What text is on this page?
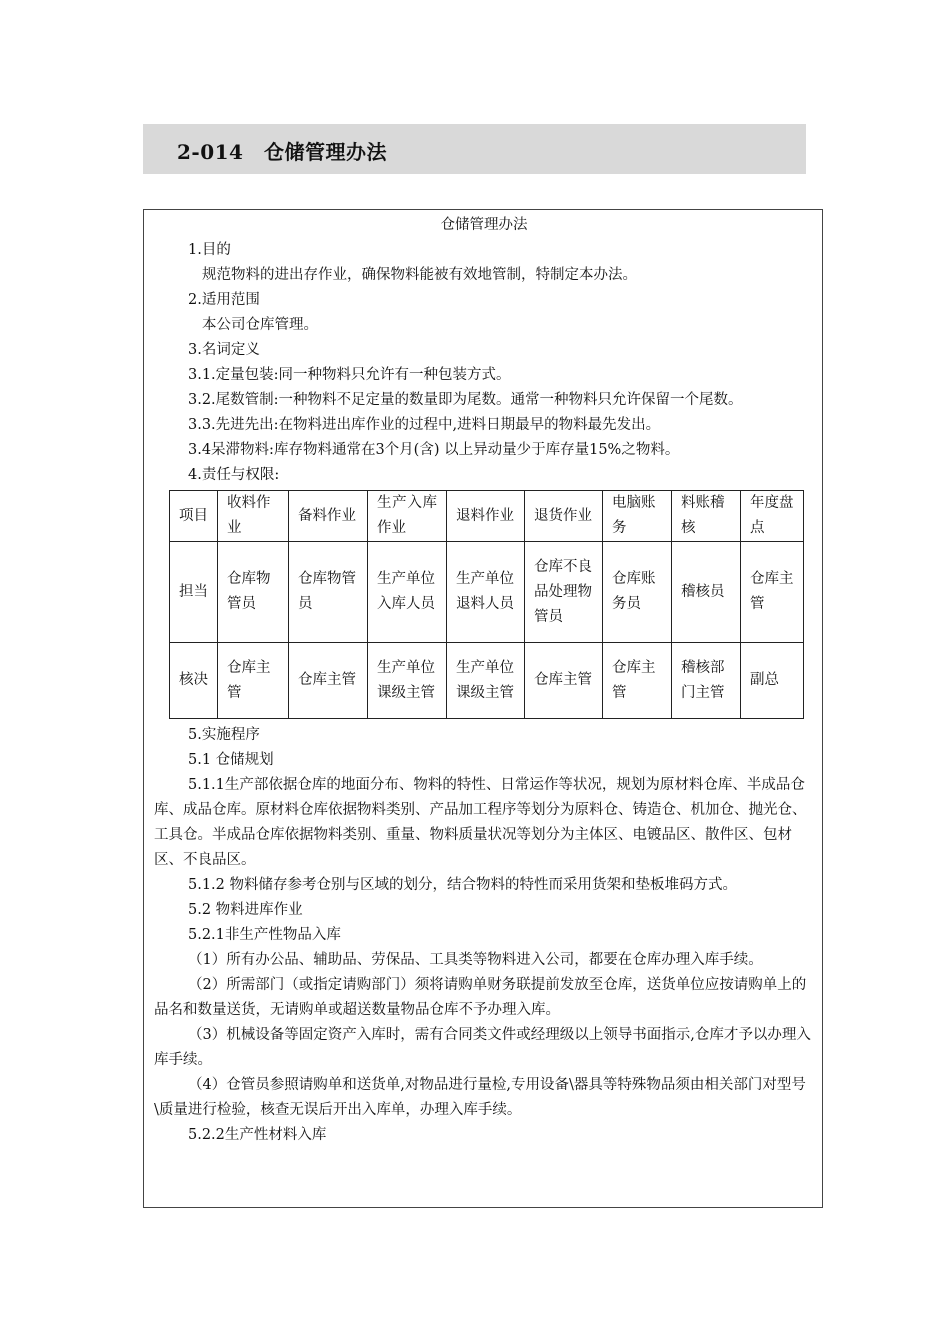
2-014　仓储管理办法
仓储管理办法

1.目的

规范物料的进出存作业，确保物料能被有效地管制，特制定本办法。

2.适用范围

本公司仓库管理。

3.名词定义

3.1.定量包装:同一种物料只允许有一种包装方式。

3.2.尾数管制:一种物料不足定量的数量即为尾数。通常一种物料只允许保留一个尾数。

3.3.先进先出:在物料进出库作业的过程中,进料日期最早的物料最先发出。

3.4呆滞物料:库存物料通常在3个月(含) 以上异动量少于库存量15%之物料。

4.责任与权限:

项目	收料作业	备料作业	生产入库作业	退料作业	退货作业	电脑账务	料账稽核	年度盘点
担当	仓库物管员	仓库物管员	生产单位入库人员	生产单位退料人员	仓库不良品处理物管员	仓库账务员	稽核员	仓库主管
核决	仓库主管	仓库主管	生产单位课级主管	生产单位课级主管	仓库主管	仓库主管	稽核部门主管	副总

5.实施程序

5.1 仓储规划

5.1.1生产部依据仓库的地面分布、物料的特性、日常运作等状况，规划为原材料仓库、半成品仓库、成品仓库。原材料仓库依据物料类别、产品加工程序等划分为原料仓、铸造仓、机加仓、抛光仓、工具仓。半成品仓库依据物料类别、重量、物料质量状况等划分为主体区、电镀品区、散件区、包材区、不良品区。

5.1.2 物料储存参考仓别与区域的划分，结合物料的特性而采用货架和垫板堆码方式。

5.2 物料进库作业

5.2.1非生产性物品入库

（1）所有办公品、辅助品、劳保品、工具类等物料进入公司，都要在仓库办理入库手续。

（2）所需部门（或指定请购部门）须将请购单财务联提前发放至仓库，送货单位应按请购单上的品名和数量送货，无请购单或超送数量物品仓库不予办理入库。

（3）机械设备等固定资产入库时，需有合同类文件或经理级以上领导书面指示,仓库才予以办理入库手续。

（4）仓管员参照请购单和送货单,对物品进行量检,专用设备\器具等特殊物品须由相关部门对型号\质量进行检验，核查无误后开出入库单，办理入库手续。

5.2.2生产性材料入库
